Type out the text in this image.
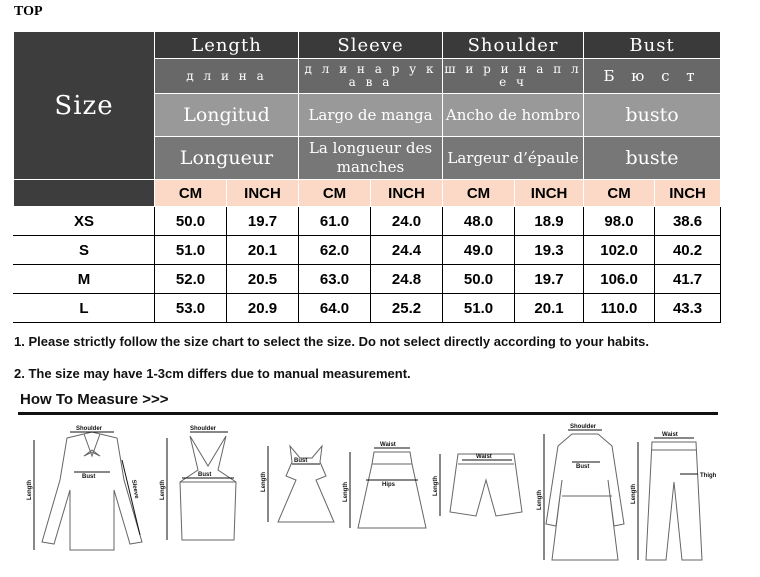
TOP
Size	Length		Sleeve		Shoulder		Bust	
	д л и н а		д л и н а р у к а в а		ш и р и н а п л е ч		Б ю с т	
	Longitud		Largo de manga		Ancho de hombro		busto	
	Longueur		La longueur des manches		Largeur d’épaule		buste	
	CM	INCH	CM	INCH	CM	INCH	CM	INCH
XS	50.0	19.7	61.0	24.0	48.0	18.9	98.0	38.6
S	51.0	20.1	62.0	24.4	49.0	19.3	102.0	40.2
M	52.0	20.5	63.0	24.8	50.0	19.7	106.0	41.7
L	53.0	20.9	64.0	25.2	51.0	20.1	110.0	43.3
1. Please strictly follow the size chart to select the size. Do not select directly according to your habits.
2. The size may have 1-3cm differs due to manual measurement.
How To Measure >>>
Shoulder
Length
Bust
Sleeve
Shoulder
Length
Bust
Bust
Length
Waist
Hips
Length
Waist
Length
Shoulder
Bust
Length
Waist
Thigh
Length
